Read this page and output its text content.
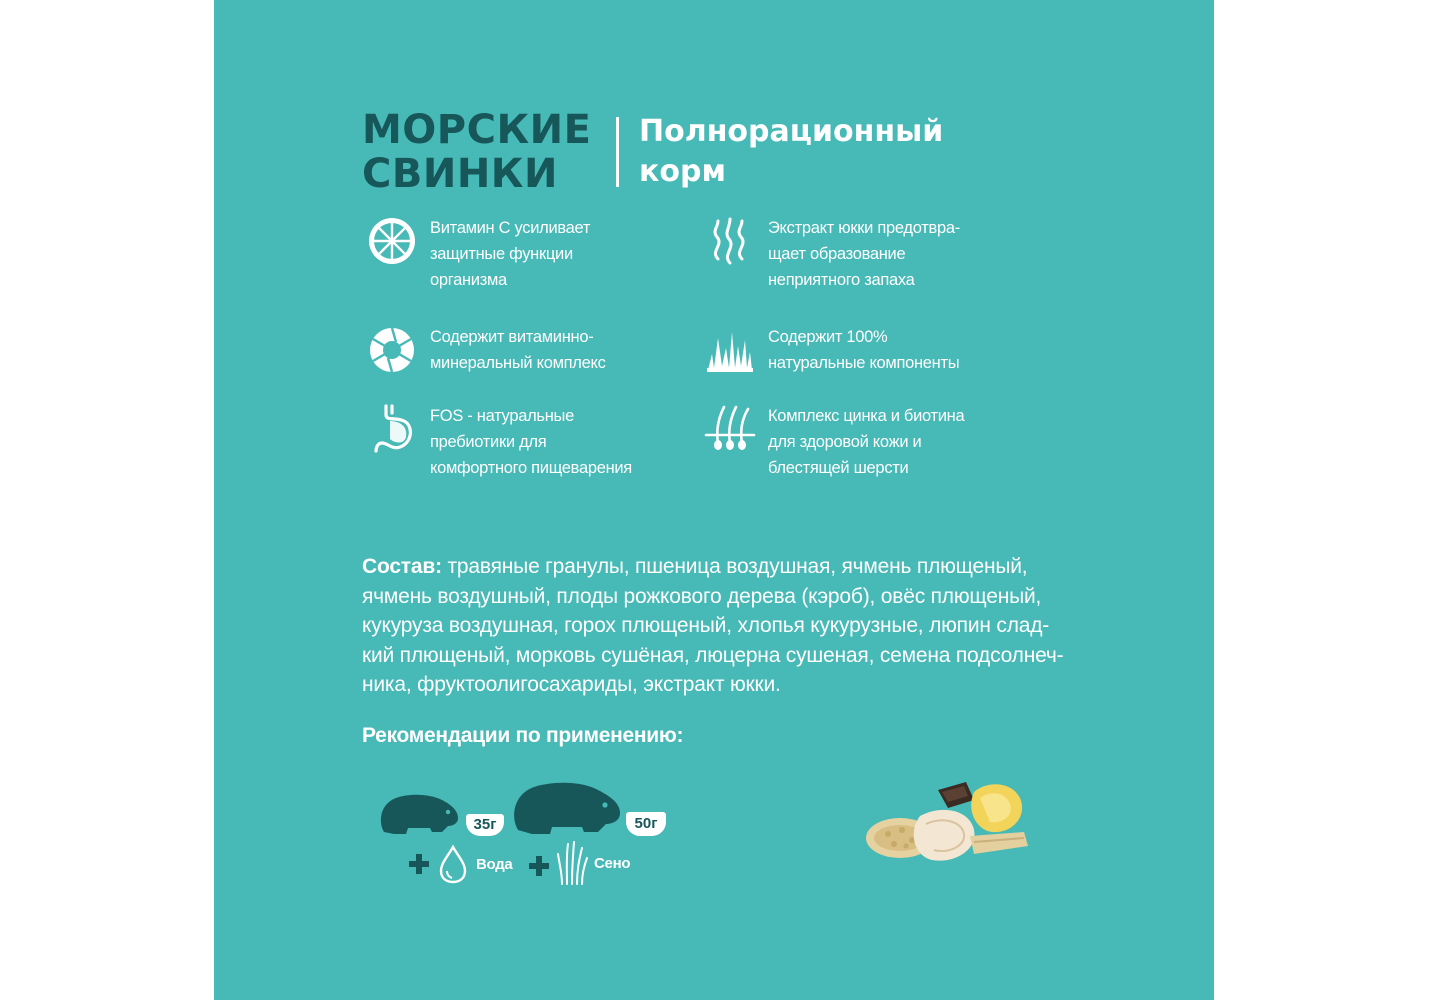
МОРСКИЕ
СВИНКИ
Полнорационный
корм
Витамин С усиливает
защитные функции
организма
Экстракт юкки предотвра-
щает образование
неприятного запаха
Содержит витаминно-
минеральный комплекс
Содержит 100%
натуральные компоненты
FOS - натуральные
пребиотики для
комфортного пищеварения
Комплекс цинка и биотина
для здоровой кожи и
блестящей шерсти
Состав: травяные гранулы, пшеница воздушная, ячмень плющеный,
ячмень воздушный, плоды рожкового дерева (кэроб), овёс плющеный,
кукуруза воздушная, горох плющеный, хлопья кукурузные, люпин слад-
кий плющеный, морковь сушёная, люцерна сушеная, семена подсолнеч-
ника, фруктоолигосахариды, экстракт юкки.
Рекомендации по применению:
35г	50г
Вода	Сено
